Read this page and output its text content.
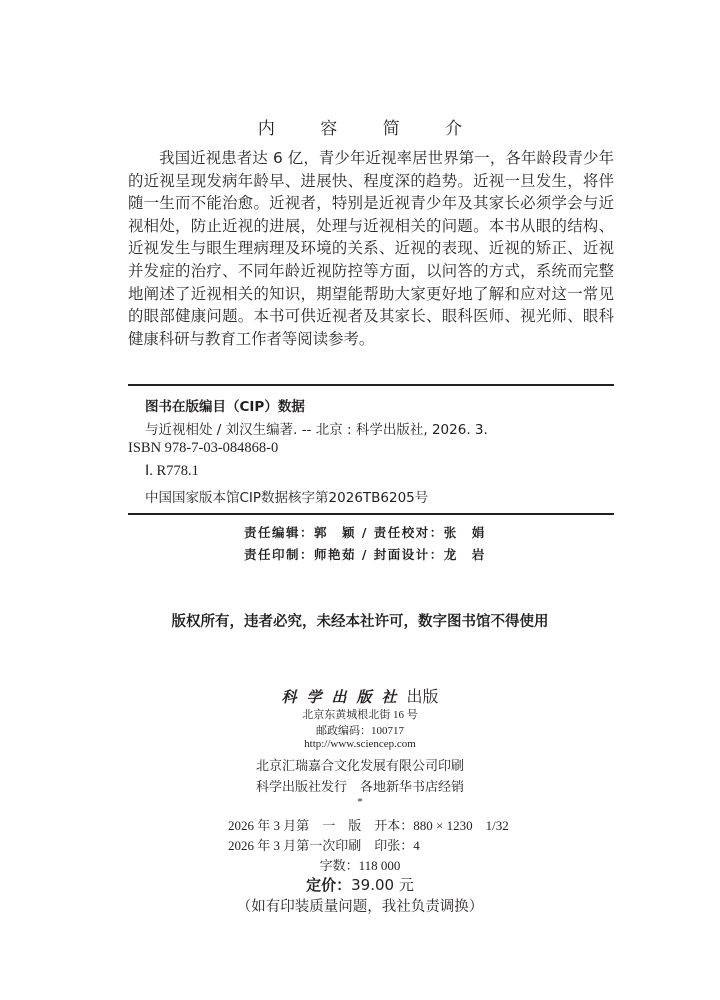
内 容 简 介
我国近视患者达 6 亿，青少年近视率居世界第一，各年龄段青少年的近视呈现发病年龄早、进展快、程度深的趋势。近视一旦发生，将伴随一生而不能治愈。近视者，特别是近视青少年及其家长必须学会与近视相处，防止近视的进展，处理与近视相关的问题。本书从眼的结构、近视发生与眼生理病理及环境的关系、近视的表现、近视的矫正、近视并发症的治疗、不同年龄近视防控等方面，以问答的方式，系统而完整地阐述了近视相关的知识，期望能帮助大家更好地了解和应对这一常见的眼部健康问题。本书可供近视者及其家长、眼科医师、视光师、眼科健康科研与教育工作者等阅读参考。
图书在版编目（CIP）数据
与近视相处 / 刘汉生编著. -- 北京 : 科学出版社, 2026. 3.
ISBN 978-7-03-084868-0
Ⅰ. R778.1
中国国家版本馆CIP数据核字第2026TB6205号
责任编辑：郭　颖 / 责任校对：张　娟
责任印制：师艳茹 / 封面设计：龙　岩
版权所有，违者必究，未经本社许可，数字图书馆不得使用
科学出版社出版
北京东黄城根北街 16 号
邮政编码：100717
http://www.sciencep.com
北京汇瑞嘉合文化发展有限公司印刷
科学出版社发行　各地新华书店经销
*
2026 年 3 月第　一　版　开本：880 × 1230　1/32
2026 年 3 月第一次印刷　印张：4
字数：118 000
定价：39.00 元
（如有印装质量问题，我社负责调换）
